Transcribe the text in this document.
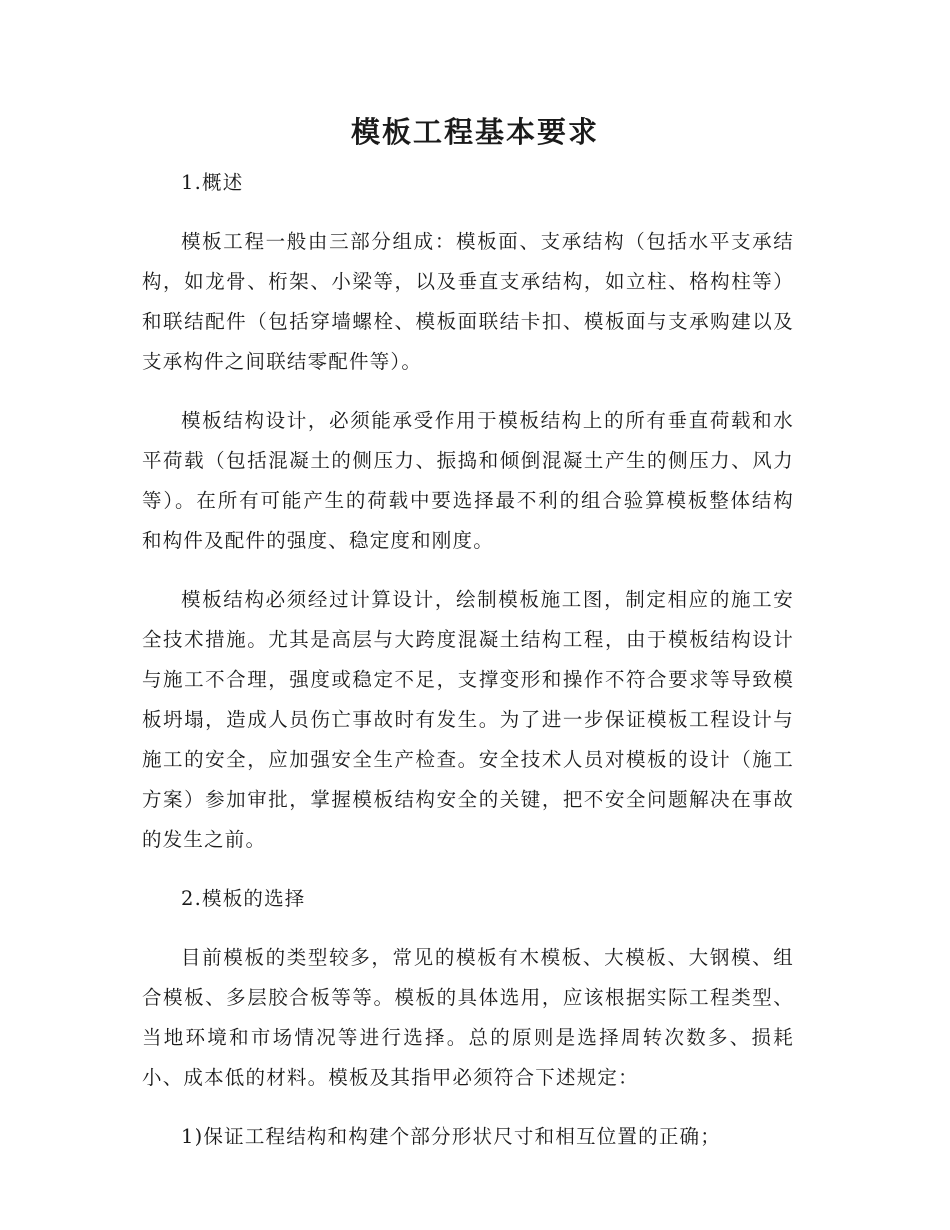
模板工程基本要求

1.概述

模板工程一般由三部分组成：模板面、支承结构（包括水平支承结构，如龙骨、桁架、小梁等，以及垂直支承结构，如立柱、格构柱等）和联结配件（包括穿墙螺栓、模板面联结卡扣、模板面与支承购建以及支承构件之间联结零配件等）。

模板结构设计，必须能承受作用于模板结构上的所有垂直荷载和水平荷载（包括混凝土的侧压力、振捣和倾倒混凝土产生的侧压力、风力等）。在所有可能产生的荷载中要选择最不利的组合验算模板整体结构和构件及配件的强度、稳定度和刚度。

模板结构必须经过计算设计，绘制模板施工图，制定相应的施工安全技术措施。尤其是高层与大跨度混凝土结构工程，由于模板结构设计与施工不合理，强度或稳定不足，支撑变形和操作不符合要求等导致模板坍塌，造成人员伤亡事故时有发生。为了进一步保证模板工程设计与施工的安全，应加强安全生产检查。安全技术人员对模板的设计（施工方案）参加审批，掌握模板结构安全的关键，把不安全问题解决在事故的发生之前。

2.模板的选择

目前模板的类型较多，常见的模板有木模板、大模板、大钢模、组合模板、多层胶合板等等。模板的具体选用，应该根据实际工程类型、当地环境和市场情况等进行选择。总的原则是选择周转次数多、损耗小、成本低的材料。模板及其指甲必须符合下述规定：

1)保证工程结构和构建个部分形状尺寸和相互位置的正确；
